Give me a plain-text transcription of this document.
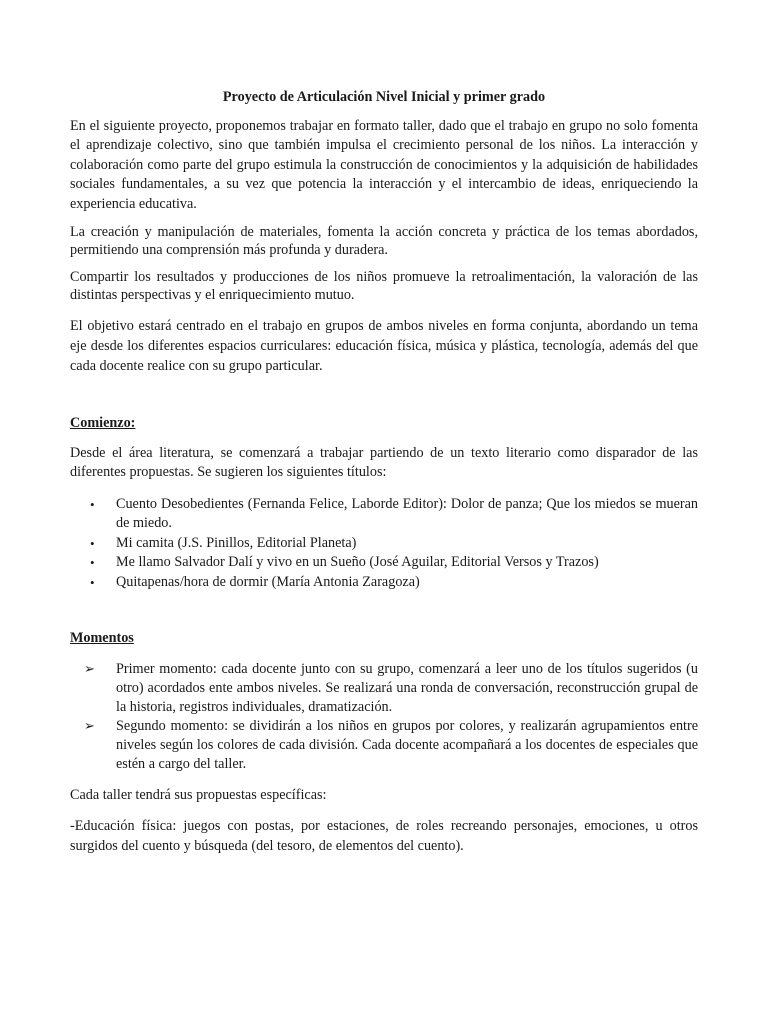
Proyecto de Articulación Nivel Inicial y primer grado

En el siguiente proyecto, proponemos trabajar en formato taller, dado que el trabajo en grupo no solo fomenta el aprendizaje colectivo, sino que también impulsa el crecimiento personal de los niños. La interacción y colaboración como parte del grupo estimula la construcción de conocimientos y la adquisición de habilidades sociales fundamentales, a su vez que potencia la interacción y el intercambio de ideas, enriqueciendo la experiencia educativa.

La creación y manipulación de materiales, fomenta la acción concreta y práctica de los temas abordados, permitiendo una comprensión más profunda y duradera.

Compartir los resultados y producciones de los niños promueve la retroalimentación, la valoración de las distintas perspectivas y el enriquecimiento mutuo.

El objetivo estará centrado en el trabajo en grupos de ambos niveles en forma conjunta, abordando un tema eje desde los diferentes espacios curriculares: educación física, música y plástica, tecnología, además del que cada docente realice con su grupo particular.

Comienzo:

Desde el área literatura, se comenzará a trabajar partiendo de un texto literario como disparador de las diferentes propuestas. Se sugieren los siguientes títulos:

• Cuento Desobedientes (Fernanda Felice, Laborde Editor): Dolor de panza; Que los miedos se mueran de miedo.
• Mi camita (J.S. Pinillos, Editorial Planeta)
• Me llamo Salvador Dalí y vivo en un Sueño (José Aguilar, Editorial Versos y Trazos)
• Quitapenas/hora de dormir (María Antonia Zaragoza)
Momentos
➢ Primer momento: cada docente junto con su grupo, comenzará a leer uno de los títulos sugeridos (u otro) acordados ente ambos niveles. Se realizará una ronda de conversación, reconstrucción grupal de la historia, registros individuales, dramatización.
➢ Segundo momento: se dividirán a los niños en grupos por colores, y realizarán agrupamientos entre niveles según los colores de cada división. Cada docente acompañará a los docentes de especiales que estén a cargo del taller.

Cada taller tendrá sus propuestas específicas:

-Educación física: juegos con postas, por estaciones, de roles recreando personajes, emociones, u otros surgidos del cuento y búsqueda (del tesoro, de elementos del cuento).
